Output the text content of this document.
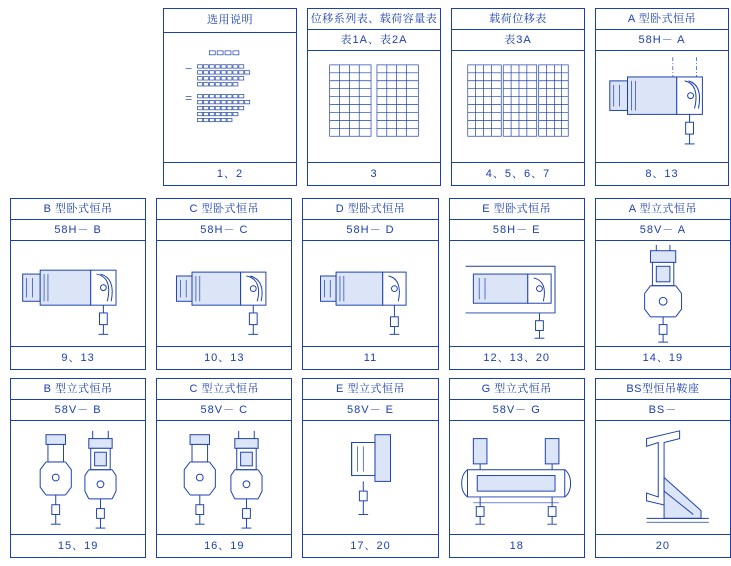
选用说明
1、2
位移系列表、载荷容量表
表1A、表2A
3
载荷位移表
表3A
4、5、6、7
A 型卧式恒吊
58H－ A
8、13
B 型卧式恒吊
58H－ B
9、13
C 型卧式恒吊
58H－ C
10、13
D 型卧式恒吊
58H－ D
11
E 型卧式恒吊
58H－ E
12、13、20
A 型立式恒吊
58V－ A
14、19
B 型立式恒吊
58V－ B
15、19
C 型立式恒吊
58V－ C
16、19
E 型立式恒吊
58V－ E
17、20
G 型立式恒吊
58V－ G
18
BS型恒吊鞍座
BS－
20
